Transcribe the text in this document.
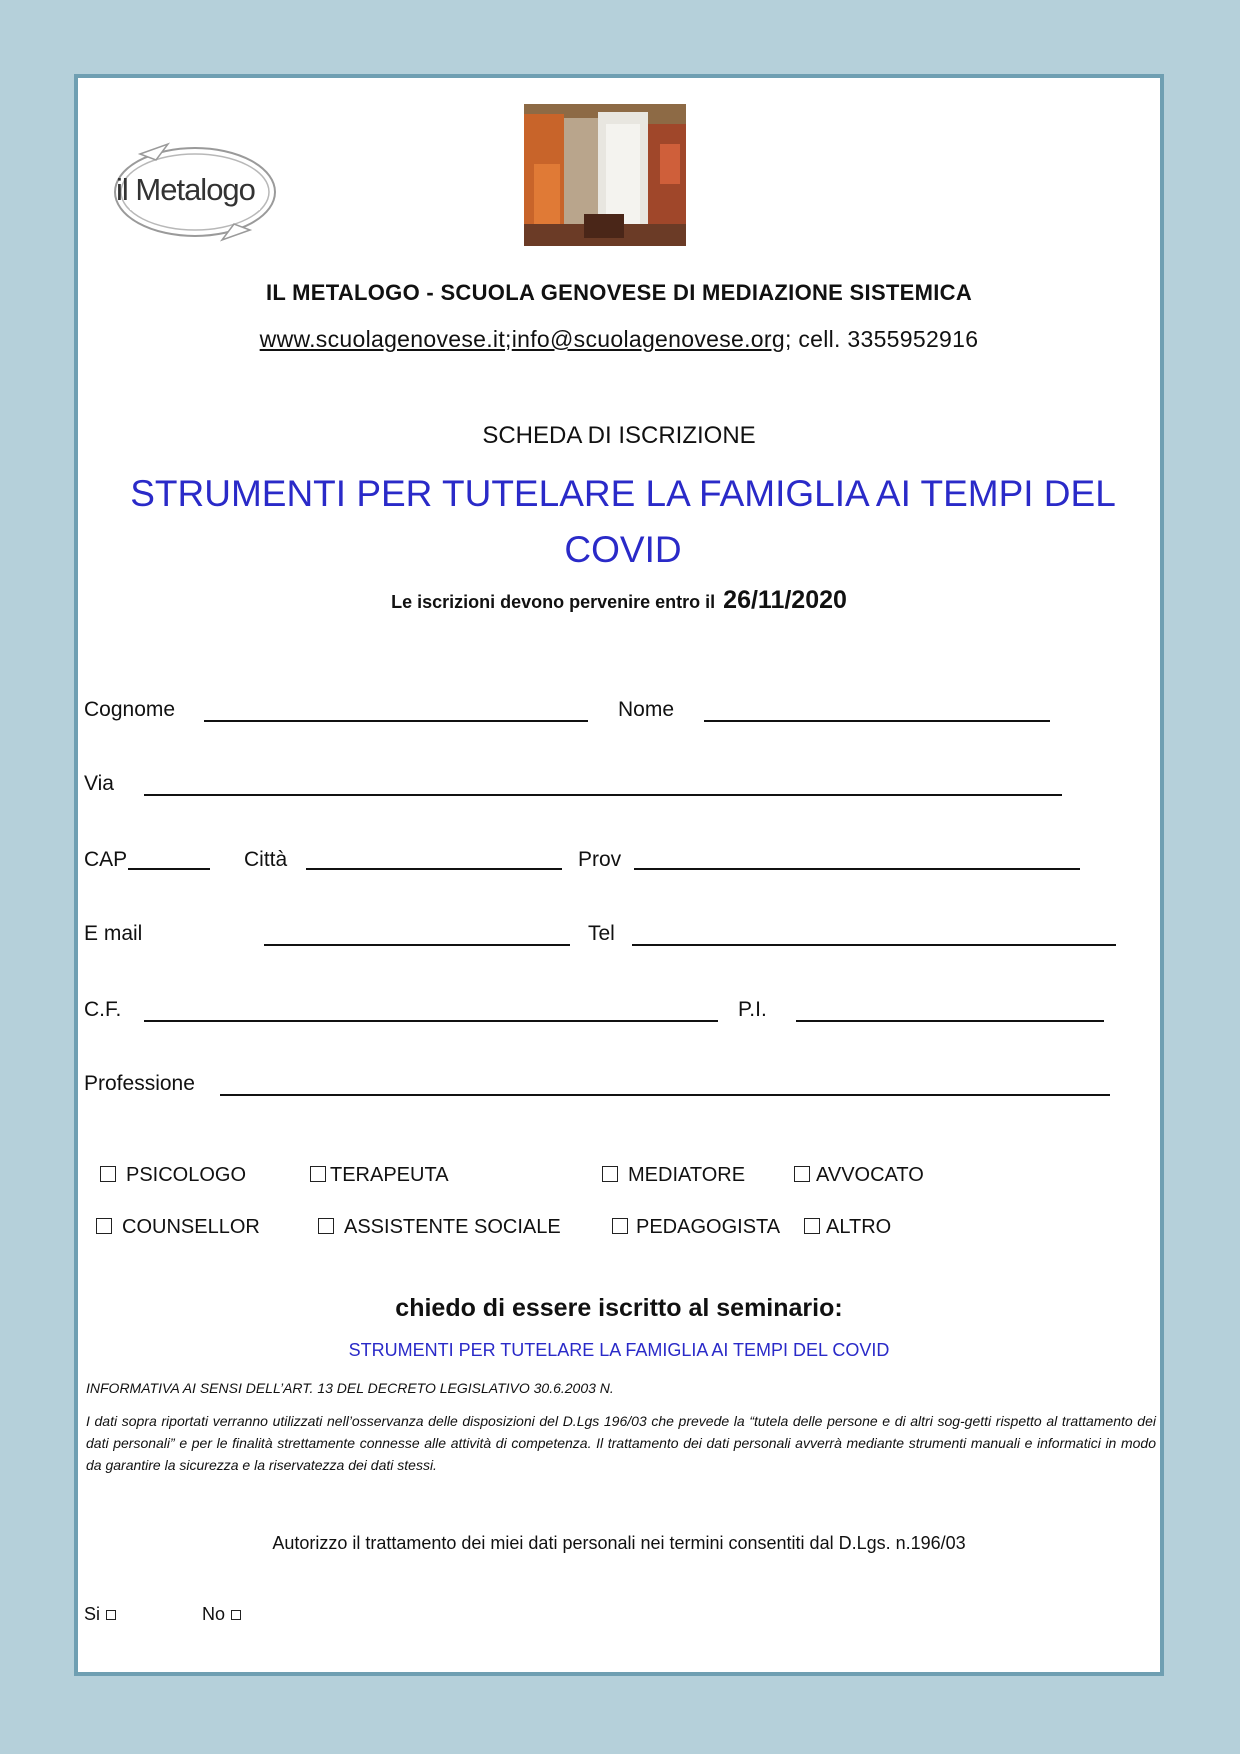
il Metalogo
IL METALOGO - SCUOLA GENOVESE DI MEDIAZIONE SISTEMICA
www.scuolagenovese.it;info@scuolagenovese.org; cell. 3355952916
SCHEDA DI ISCRIZIONE
STRUMENTI PER TUTELARE LA FAMIGLIA AI TEMPI DEL
COVID
Le iscrizioni devono pervenire entro il 26/11/2020
Cognome	Nome
Via
CAP	Città	Prov
E mail	Tel
C.F.	P.I.
Professione
PSICOLOGO	TERAPEUTA	MEDIATORE	AVVOCATO
COUNSELLOR	ASSISTENTE SOCIALE	PEDAGOGISTA	ALTRO
chiedo di essere iscritto al seminario:
STRUMENTI PER TUTELARE LA FAMIGLIA AI TEMPI DEL COVID
INFORMATIVA AI SENSI DELL’ART. 13 DEL DECRETO LEGISLATIVO 30.6.2003 N.
I dati sopra riportati verranno utilizzati nell’osservanza delle disposizioni del D.Lgs 196/03 che prevede la “tutela delle persone e di altri sog-getti rispetto al trattamento dei dati personali” e per le finalità strettamente connesse alle attività di competenza. Il trattamento dei dati personali avverrà mediante strumenti manuali e informatici in modo da garantire la sicurezza e la riservatezza dei dati stessi.
Autorizzo il trattamento dei miei dati personali nei termini consentiti dal D.Lgs. n.196/03
Si	No
